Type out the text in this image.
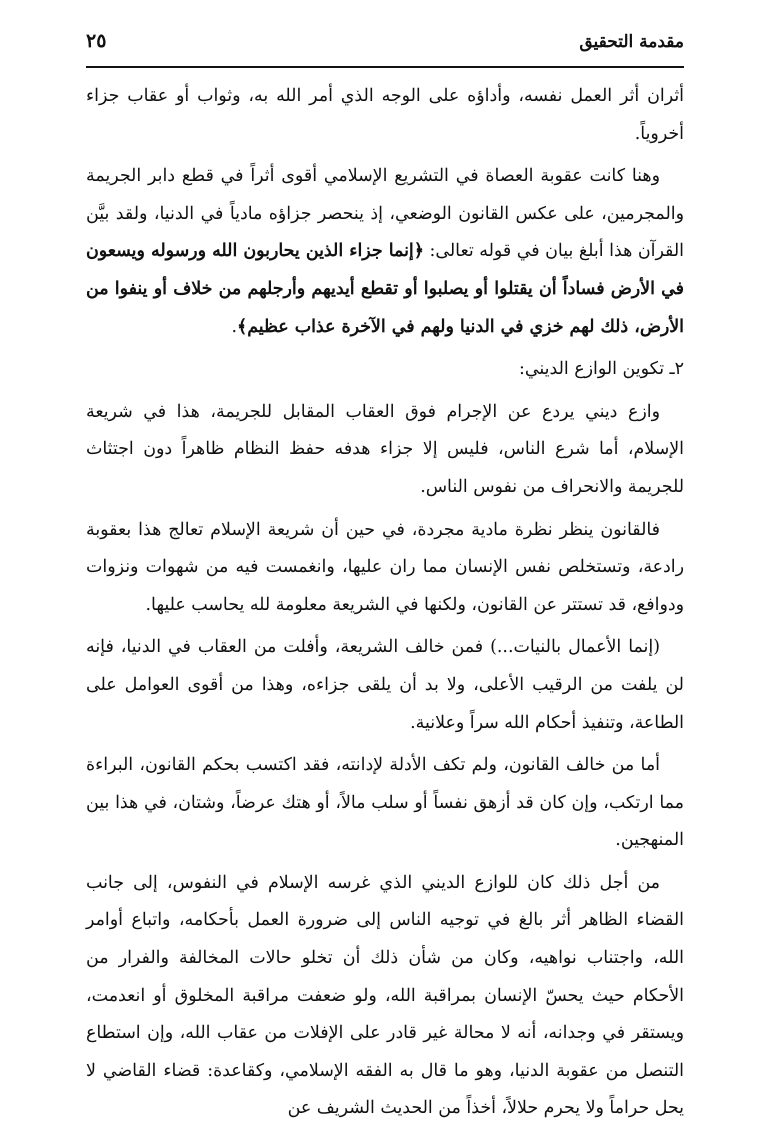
مقدمة التحقيق
٢٥

أثران أثر العمل نفسه، وأداؤه على الوجه الذي أمر الله به، وثواب أو عقاب جزاء أخروياً.

وهنا كانت عقوبة العصاة في التشريع الإسلامي أقوى أثراً في قطع دابر الجريمة والمجرمين، على عكس القانون الوضعي، إذ ينحصر جزاؤه مادياً في الدنيا، ولقد بيَّن القرآن هذا أبلغ بيان في قوله تعالى: ﴿إنما جزاء الذين يحاربون الله ورسوله ويسعون في الأرض فساداً أن يقتلوا أو يصلبوا أو تقطع أيديهم وأرجلهم من خلاف أو ينفوا من الأرض، ذلك لهم خزي في الدنيا ولهم في الآخرة عذاب عظيم﴾.

٢ـ تكوين الوازع الديني:

وازع ديني يردع عن الإجرام فوق العقاب المقابل للجريمة، هذا في شريعة الإسلام، أما شرع الناس، فليس إلا جزاء هدفه حفظ النظام ظاهراً دون اجتثاث للجريمة والانحراف من نفوس الناس.

فالقانون ينظر نظرة مادية مجردة، في حين أن شريعة الإسلام تعالج هذا بعقوبة رادعة، وتستخلص نفس الإنسان مما ران عليها، وانغمست فيه من شهوات ونزوات ودوافع، قد تستتر عن القانون، ولكنها في الشريعة معلومة لله يحاسب عليها.

(إنما الأعمال بالنيات...) فمن خالف الشريعة، وأفلت من العقاب في الدنيا، فإنه لن يلفت من الرقيب الأعلى، ولا بد أن يلقى جزاءه، وهذا من أقوى العوامل على الطاعة، وتنفيذ أحكام الله سراً وعلانية.

أما من خالف القانون، ولم تكف الأدلة لإدانته، فقد اكتسب بحكم القانون، البراءة مما ارتكب، وإن كان قد أزهق نفساً أو سلب مالاً، أو هتك عرضاً، وشتان، في هذا بين المنهجين.

من أجل ذلك كان للوازع الديني الذي غرسه الإسلام في النفوس، إلى جانب القضاء الظاهر أثر بالغ في توجيه الناس إلى ضرورة العمل بأحكامه، واتباع أوامر الله، واجتناب نواهيه، وكان من شأن ذلك أن تخلو حالات المخالفة والفرار من الأحكام حيث يحسّ الإنسان بمراقبة الله، ولو ضعفت مراقبة المخلوق أو انعدمت، ويستقر في وجدانه، أنه لا محالة غير قادر على الإفلات من عقاب الله، وإن استطاع التنصل من عقوبة الدنيا، وهو ما قال به الفقه الإسلامي، وكقاعدة: قضاء القاضي لا يحل حراماً ولا يحرم حلالاً، أخذاً من الحديث الشريف عن
